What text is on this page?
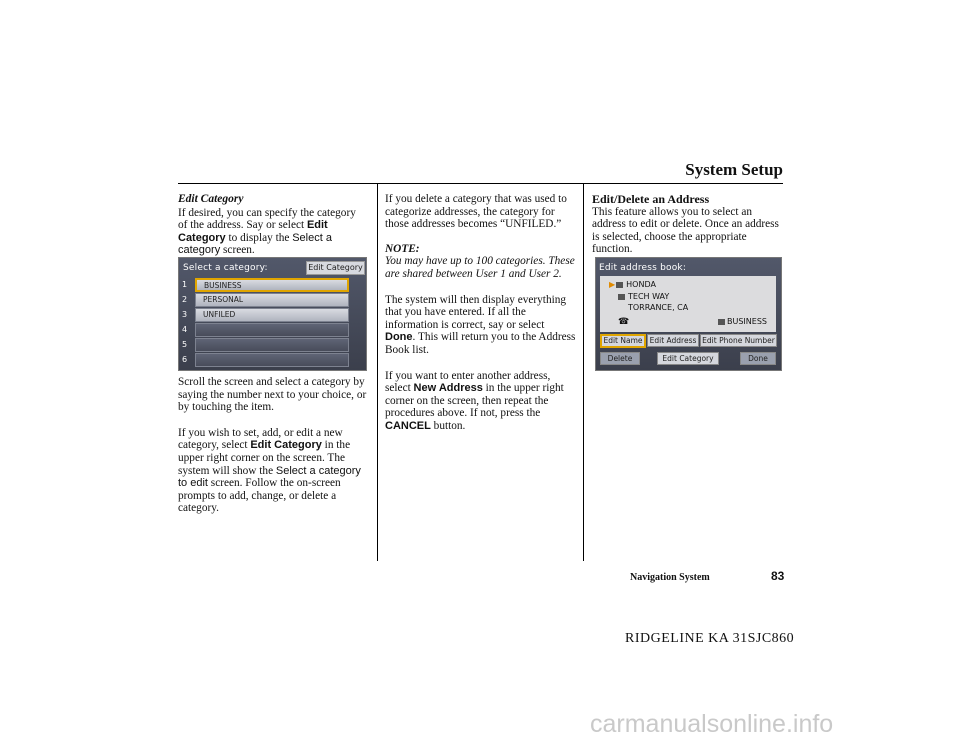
System Setup
Edit Category

If desired, you can specify the category of the address. Say or select Edit Category to display the Select a category screen.

Select a category:	Edit Category
1	BUSINESS
2	PERSONAL
3	UNFILED
4
5
6

Scroll the screen and select a category by saying the number next to your choice, or by touching the item.

If you wish to set, add, or edit a new category, select Edit Category in the upper right corner on the screen. The system will show the Select a category to edit screen. Follow the on-screen prompts to add, change, or delete a category.

If you delete a category that was used to categorize addresses, the category for those addresses becomes “UNFILED.”

NOTE:

You may have up to 100 categories. These are shared between User 1 and User 2.

The system will then display everything that you have entered. If all the information is correct, say or select Done. This will return you to the Address Book list.

If you want to enter another address, select New Address in the upper right corner on the screen, then repeat the procedures above. If not, press the CANCEL button.

Edit/Delete an Address

This feature allows you to select an address to edit or delete. Once an address is selected, choose the appropriate function.

Edit address book:
▶ HONDA
TECH WAY
TORRANCE, CA
☎	BUSINESS
Edit Name Edit Address Edit Phone Number
Delete	Edit Category	Done
Navigation System	83
RIDGELINE KA 31SJC860
carmanualsonline.info
